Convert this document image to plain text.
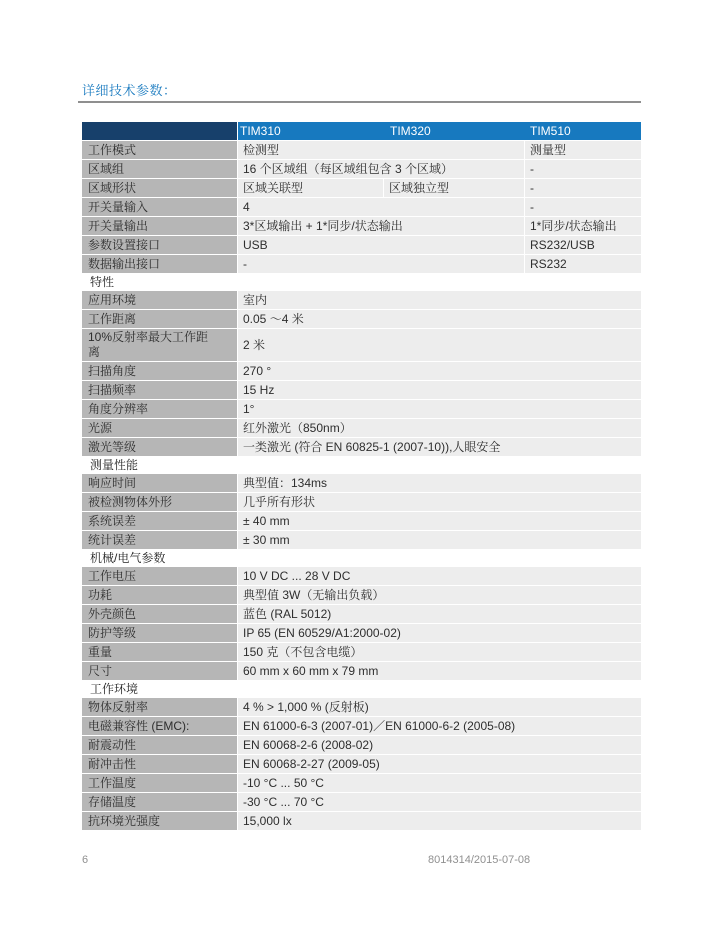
详细技术参数：
TIM310	TIM320	TIM510
工作模式	检测型	测量型
区域组	16 个区域组（每区域组包含 3 个区域）	-
区域形状	区域关联型	区域独立型	-
开关量输入	4	-
开关量输出	3*区域输出 + 1*同步/状态输出	1*同步/状态输出
参数设置接口	USB	RS232/USB
数据输出接口	-	RS232
特性
应用环境	室内
工作距离	0.05 ～4 米
10%反射率最大工作距离	2 米
扫描角度	270 °
扫描频率	15 Hz
角度分辨率	1°
光源	红外激光（850nm）
激光等级	一类激光 (符合 EN 60825-1 (2007-10)),人眼安全
测量性能
响应时间	典型值：134ms
被检测物体外形	几乎所有形状
系统误差	± 40 mm
统计误差	± 30 mm
机械/电气参数
工作电压	10 V DC ... 28 V DC
功耗	典型值 3W（无输出负载）
外壳颜色	蓝色 (RAL 5012)
防护等级	IP 65 (EN 60529/A1:2000-02)
重量	150 克（不包含电缆）
尺寸	60 mm x 60 mm x 79 mm
工作环境
物体反射率	4 % > 1,000 % (反射板)
电磁兼容性 (EMC):	EN 61000-6-3 (2007-01)／EN 61000-6-2 (2005-08)
耐震动性	EN 60068-2-6 (2008-02)
耐冲击性	EN 60068-2-27 (2009-05)
工作温度	-10 °C ... 50 °C
存储温度	-30 °C ... 70 °C
抗环境光强度	15,000 lx
6	8014314/2015-07-08
